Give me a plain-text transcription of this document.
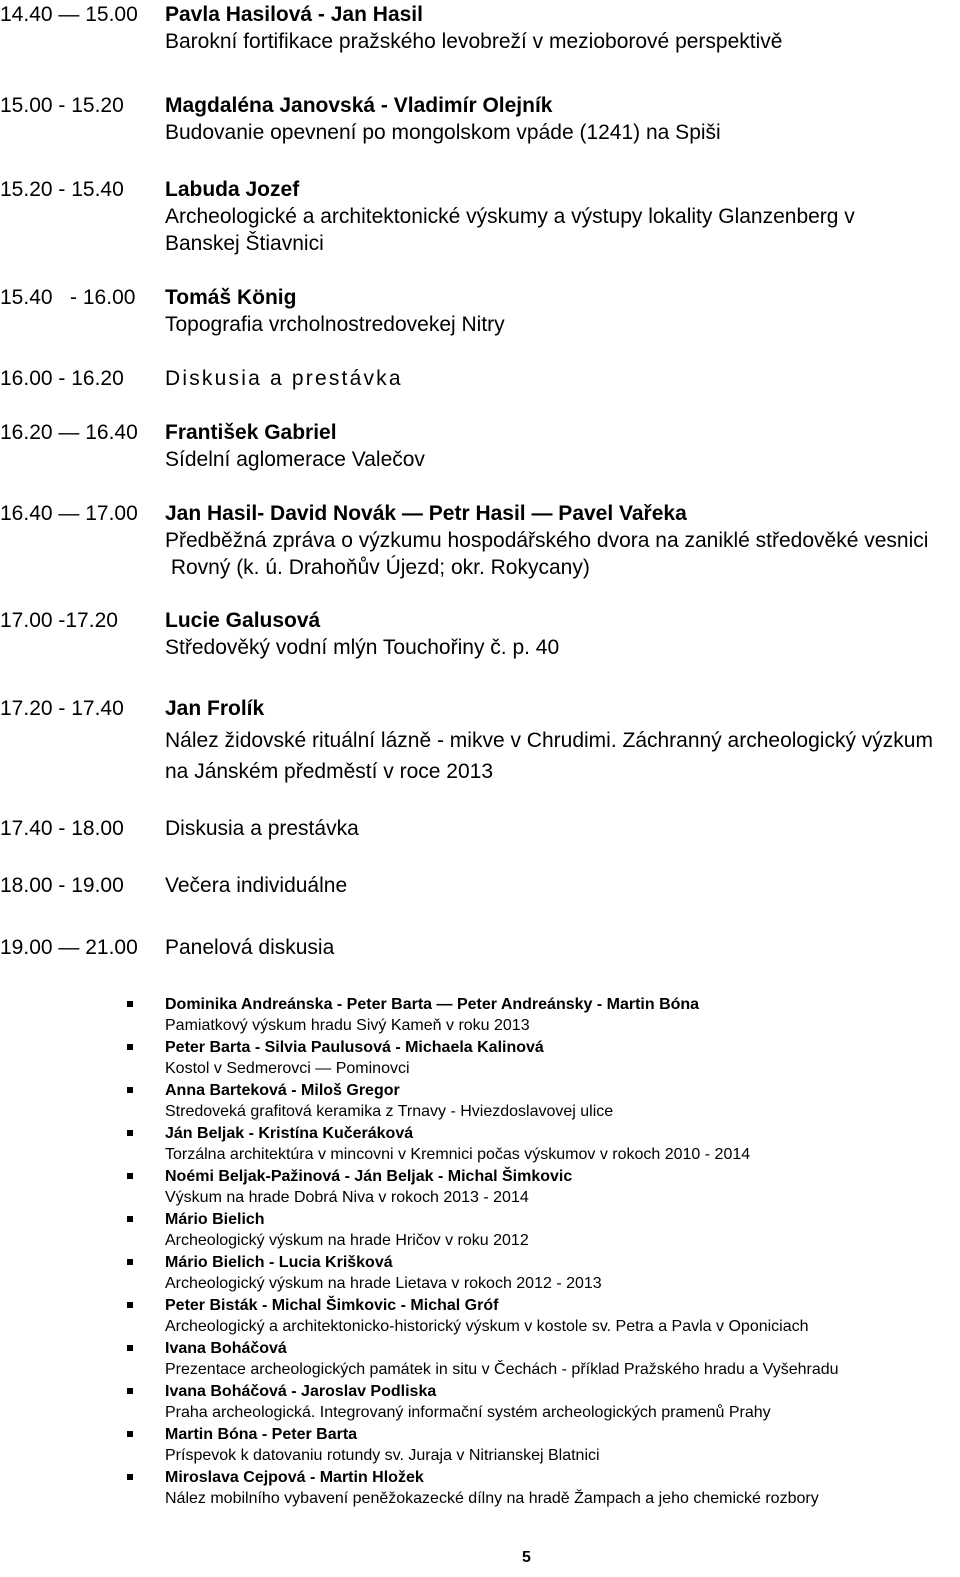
14.40 — 15.00 Pavla Hasilová - Jan Hasil
Barokní fortifikace pražského levobreží v mezioborové perspektivě
15.00 - 15.20 Magdaléna Janovská - Vladimír Olejník
Budovanie opevnení po mongolskom vpáde (1241) na Spiši
15.20 - 15.40 Labuda Jozef
Archeologické a architektonické výskumy a výstupy lokality Glanzenberg v Banskej Štiavnici
15.40   - 16.00 Tomáš König
Topografia vrcholnostredovekej Nitry
16.00 - 16.20 Diskusia a prestávka
16.20 — 16.40 František Gabriel
Sídelní aglomerace Valečov
16.40 — 17.00 Jan Hasil- David Novák — Petr Hasil — Pavel Vařeka
Předběžná zpráva o výzkumu hospodářského dvora na zaniklé středověké vesnici  Rovný (k. ú. Drahoňův Újezd; okr. Rokycany)
17.00 -17.20 Lucie Galusová
Středověký vodní mlýn Touchořiny č. p. 40
17.20 - 17.40 Jan Frolík
Nález židovské rituální lázně - mikve v Chrudimi. Záchranný archeologický výzkum na Jánském předměstí v roce 2013
17.40 - 18.00 Diskusia a prestávka
18.00 - 19.00 Večera individuálne
19.00 — 21.00 Panelová diskusia
Dominika Andreánska - Peter Barta — Peter Andreánsky - Martin Bóna
Pamiatkový výskum hradu Sivý Kameň v roku 2013
Peter Barta - Silvia Paulusová - Michaela Kalinová
Kostol v Sedmerovci — Pominovci
Anna Barteková - Miloš Gregor
Stredoveká grafitová keramika z Trnavy - Hviezdoslavovej ulice
Ján Beljak - Kristína Kučeráková
Torzálna architektúra v mincovni v Kremnici počas výskumov v rokoch 2010 - 2014
Noémi Beljak-Pažinová - Ján Beljak - Michal Šimkovic
Výskum na hrade Dobrá Niva v rokoch 2013 - 2014
Mário Bielich
Archeologický výskum na hrade Hričov v roku 2012
Mário Bielich - Lucia Krišková
Archeologický výskum na hrade Lietava v rokoch 2012 - 2013
Peter Bisták - Michal Šimkovic - Michal Gróf
Archeologický a architektonicko-historický výskum v kostole sv. Petra a Pavla v Oponiciach
Ivana Boháčová
Prezentace archeologických památek in situ v Čechách - příklad Pražského hradu a Vyšehradu
Ivana Boháčová - Jaroslav Podliska
Praha archeologická. Integrovaný informační systém archeologických pramenů Prahy
Martin Bóna - Peter Barta
Príspevok k datovaniu rotundy sv. Juraja v Nitrianskej Blatnici
Miroslava Cejpová - Martin Hložek
Nález mobilního vybavení peněžokazecké dílny na hradě Žampach a jeho chemické rozbory
5
